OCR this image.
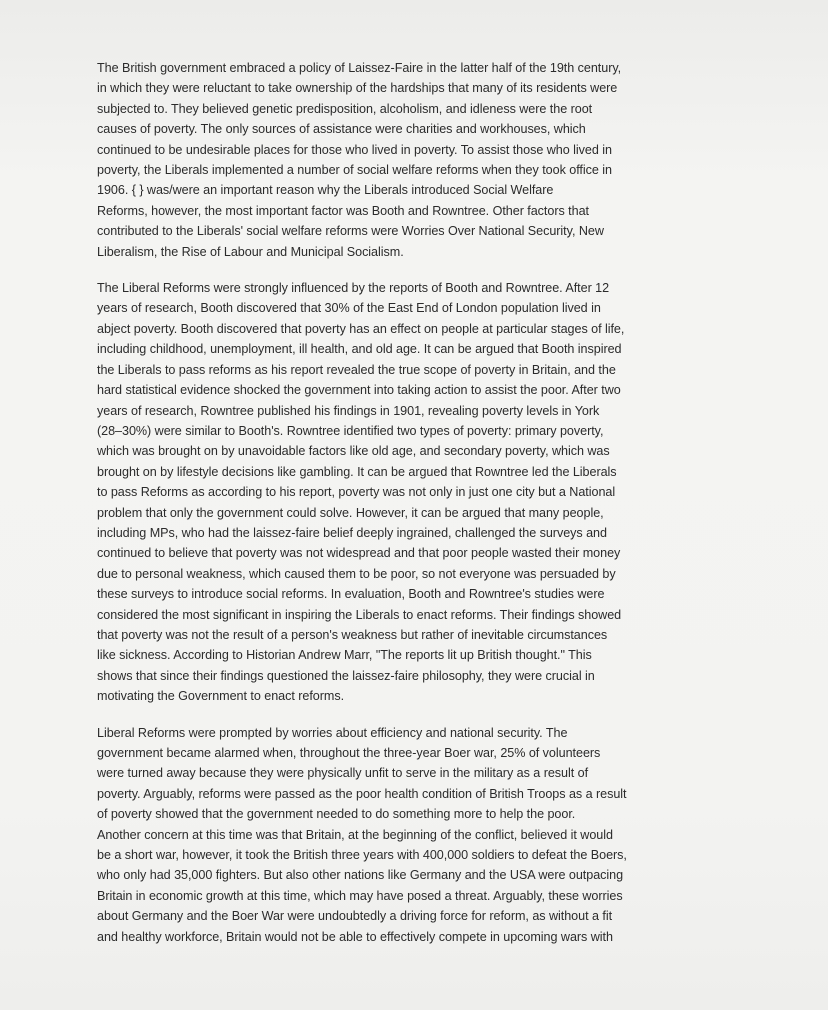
The British government embraced a policy of Laissez-Faire in the latter half of the 19th century,
in which they were reluctant to take ownership of the hardships that many of its residents were
subjected to. They believed genetic predisposition, alcoholism, and idleness were the root
causes of poverty. The only sources of assistance were charities and workhouses, which
continued to be undesirable places for those who lived in poverty. To assist those who lived in
poverty, the Liberals implemented a number of social welfare reforms when they took office in
1906. { } was/were an important reason why the Liberals introduced Social Welfare
Reforms, however, the most important factor was Booth and Rowntree. Other factors that
contributed to the Liberals' social welfare reforms were Worries Over National Security, New
Liberalism, the Rise of Labour and Municipal Socialism.

The Liberal Reforms were strongly influenced by the reports of Booth and Rowntree. After 12
years of research, Booth discovered that 30% of the East End of London population lived in
abject poverty. Booth discovered that poverty has an effect on people at particular stages of life,
including childhood, unemployment, ill health, and old age. It can be argued that Booth inspired
the Liberals to pass reforms as his report revealed the true scope of poverty in Britain, and the
hard statistical evidence shocked the government into taking action to assist the poor. After two
years of research, Rowntree published his findings in 1901, revealing poverty levels in York
(28–30%) were similar to Booth's. Rowntree identified two types of poverty: primary poverty,
which was brought on by unavoidable factors like old age, and secondary poverty, which was
brought on by lifestyle decisions like gambling. It can be argued that Rowntree led the Liberals
to pass Reforms as according to his report, poverty was not only in just one city but a National
problem that only the government could solve. However, it can be argued that many people,
including MPs, who had the laissez-faire belief deeply ingrained, challenged the surveys and
continued to believe that poverty was not widespread and that poor people wasted their money
due to personal weakness, which caused them to be poor, so not everyone was persuaded by
these surveys to introduce social reforms. In evaluation, Booth and Rowntree's studies were
considered the most significant in inspiring the Liberals to enact reforms. Their findings showed
that poverty was not the result of a person's weakness but rather of inevitable circumstances
like sickness. According to Historian Andrew Marr, "The reports lit up British thought." This
shows that since their findings questioned the laissez-faire philosophy, they were crucial in
motivating the Government to enact reforms.

Liberal Reforms were prompted by worries about efficiency and national security. The
government became alarmed when, throughout the three-year Boer war, 25% of volunteers
were turned away because they were physically unfit to serve in the military as a result of
poverty. Arguably, reforms were passed as the poor health condition of British Troops as a result
of poverty showed that the government needed to do something more to help the poor.
Another concern at this time was that Britain, at the beginning of the conflict, believed it would
be a short war, however, it took the British three years with 400,000 soldiers to defeat the Boers,
who only had 35,000 fighters. But also other nations like Germany and the USA were outpacing
Britain in economic growth at this time, which may have posed a threat. Arguably, these worries
about Germany and the Boer War were undoubtedly a driving force for reform, as without a fit
and healthy workforce, Britain would not be able to effectively compete in upcoming wars with
